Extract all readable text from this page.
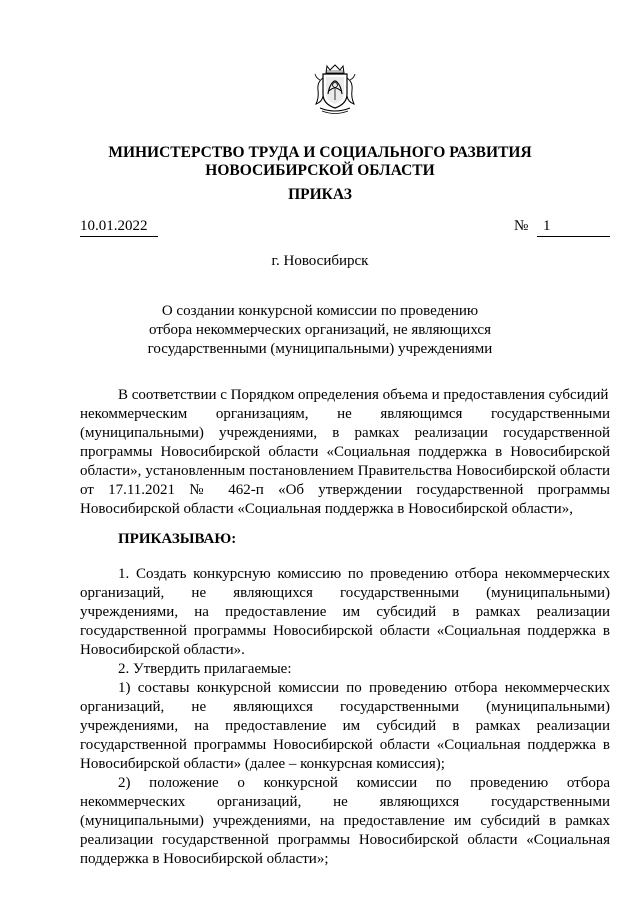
МИНИСТЕРСТВО ТРУДА И СОЦИАЛЬНОГО РАЗВИТИЯ
НОВОСИБИРСКОЙ ОБЛАСТИ
ПРИКАЗ
10.01.2022	№ 1
г. Новосибирск
О создании конкурсной комиссии по проведению
отбора некоммерческих организаций, не являющихся
государственными (муниципальными) учреждениями
В соответствии с Порядком определения объема и предоставления субсидий
некоммерческим организациям, не являющимся государственными
(муниципальными) учреждениями, в рамках реализации государственной
программы Новосибирской области «Социальная поддержка в Новосибирской
области», установленным постановлением Правительства Новосибирской области
от 17.11.2021 № 462-п «Об утверждении государственной программы
Новосибирской области «Социальная поддержка в Новосибирской области»,
ПРИКАЗЫВАЮ:
1. Создать конкурсную комиссию по проведению отбора некоммерческих
организаций, не являющихся государственными (муниципальными)
учреждениями, на предоставление им субсидий в рамках реализации
государственной программы Новосибирской области «Социальная поддержка в
Новосибирской области».
2. Утвердить прилагаемые:
1) составы конкурсной комиссии по проведению отбора некоммерческих
организаций, не являющихся государственными (муниципальными)
учреждениями, на предоставление им субсидий в рамках реализации
государственной программы Новосибирской области «Социальная поддержка в
Новосибирской области» (далее – конкурсная комиссия);
2) положение о конкурсной комиссии по проведению отбора
некоммерческих организаций, не являющихся государственными
(муниципальными) учреждениями, на предоставление им субсидий в рамках
реализации государственной программы Новосибирской области «Социальная
поддержка в Новосибирской области»;
